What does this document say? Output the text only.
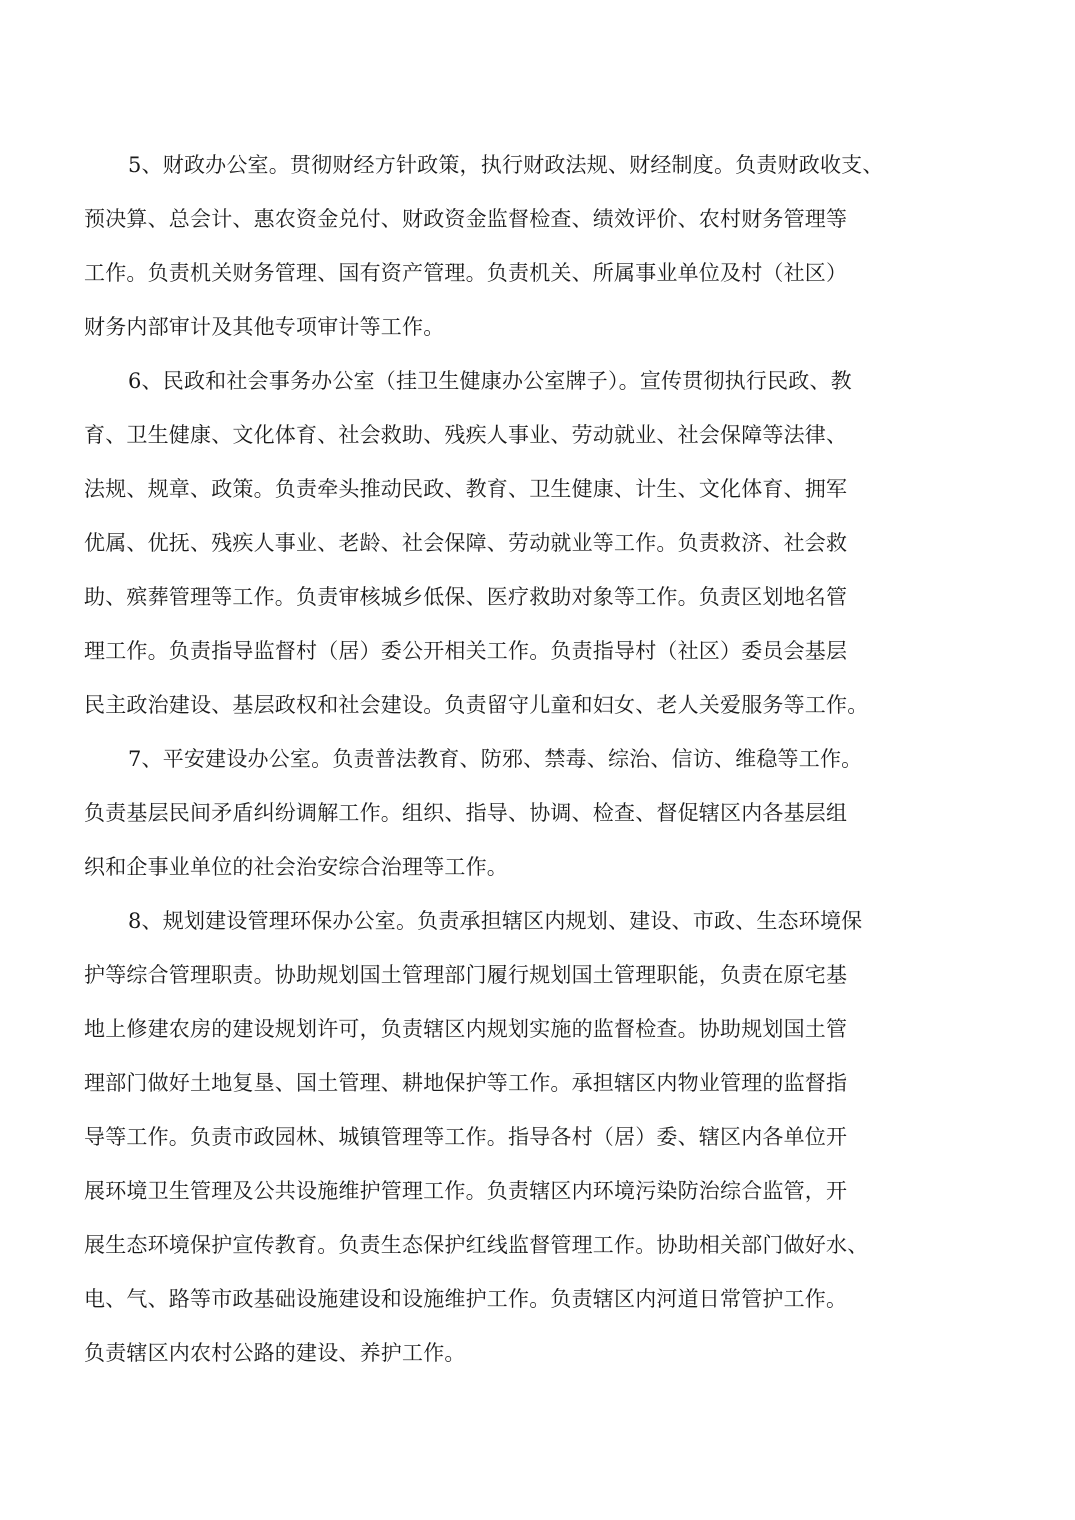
5、财政办公室。贯彻财经方针政策，执行财政法规、财经制度。负责财政收支、
预决算、总会计、惠农资金兑付、财政资金监督检查、绩效评价、农村财务管理等
工作。负责机关财务管理、国有资产管理。负责机关、所属事业单位及村（社区）
财务内部审计及其他专项审计等工作。
6、民政和社会事务办公室（挂卫生健康办公室牌子）。宣传贯彻执行民政、教
育、卫生健康、文化体育、社会救助、残疾人事业、劳动就业、社会保障等法律、
法规、规章、政策。负责牵头推动民政、教育、卫生健康、计生、文化体育、拥军
优属、优抚、残疾人事业、老龄、社会保障、劳动就业等工作。负责救济、社会救
助、殡葬管理等工作。负责审核城乡低保、医疗救助对象等工作。负责区划地名管
理工作。负责指导监督村（居）委公开相关工作。负责指导村（社区）委员会基层
民主政治建设、基层政权和社会建设。负责留守儿童和妇女、老人关爱服务等工作。
7、平安建设办公室。负责普法教育、防邪、禁毒、综治、信访、维稳等工作。
负责基层民间矛盾纠纷调解工作。组织、指导、协调、检查、督促辖区内各基层组
织和企事业单位的社会治安综合治理等工作。
8、规划建设管理环保办公室。负责承担辖区内规划、建设、市政、生态环境保
护等综合管理职责。协助规划国土管理部门履行规划国土管理职能，负责在原宅基
地上修建农房的建设规划许可，负责辖区内规划实施的监督检查。协助规划国土管
理部门做好土地复垦、国土管理、耕地保护等工作。承担辖区内物业管理的监督指
导等工作。负责市政园林、城镇管理等工作。指导各村（居）委、辖区内各单位开
展环境卫生管理及公共设施维护管理工作。负责辖区内环境污染防治综合监管，开
展生态环境保护宣传教育。负责生态保护红线监督管理工作。协助相关部门做好水、
电、气、路等市政基础设施建设和设施维护工作。负责辖区内河道日常管护工作。
负责辖区内农村公路的建设、养护工作。
